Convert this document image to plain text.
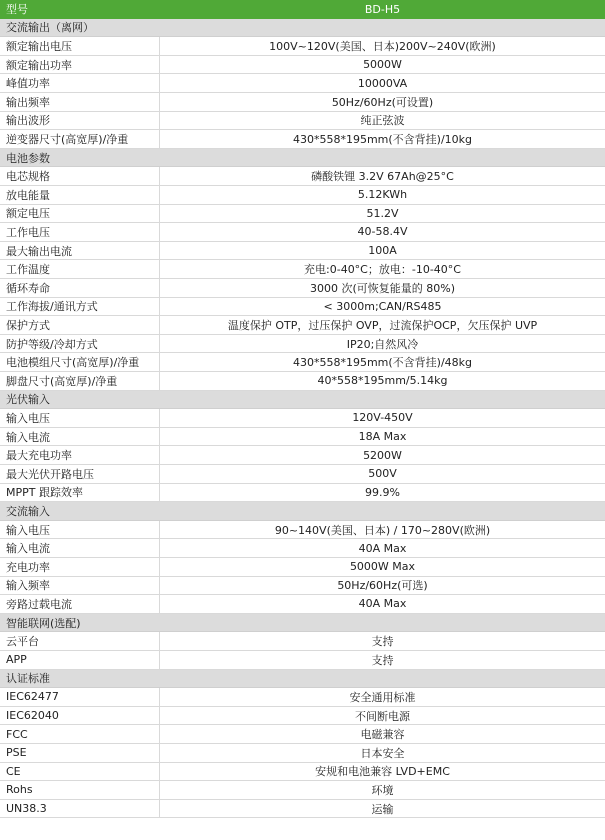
型号	BD-H5
交流输出（离网）
额定输出电压	100V~120V(美国、日本)200V~240V(欧洲)
额定输出功率	5000W
峰值功率	10000VA
输出频率	50Hz/60Hz(可设置)
输出波形	纯正弦波
逆变器尺寸(高宽厚)/净重	430*558*195mm(不含背挂)/10kg
电池参数
电芯规格	磷酸铁锂 3.2V 67Ah@25°C
放电能量	5.12KWh
额定电压	51.2V
工作电压	40-58.4V
最大输出电流	100A
工作温度	充电:0-40°C；放电：-10-40°C
循环寿命	3000 次(可恢复能量的 80%)
工作海拔/通讯方式	< 3000m;CAN/RS485
保护方式	温度保护 OTP，过压保护 OVP，过流保护OCP，欠压保护 UVP
防护等级/冷却方式	IP20;自然风冷
电池模组尺寸(高宽厚)/净重	430*558*195mm(不含背挂)/48kg
脚盘尺寸(高宽厚)/净重	40*558*195mm/5.14kg
光伏输入
输入电压	120V-450V
输入电流	18A Max
最大充电功率	5200W
最大光伏开路电压	500V
MPPT 跟踪效率	99.9%
交流输入
输入电压	90~140V(美国、日本) / 170~280V(欧洲)
输入电流	40A Max
充电功率	5000W Max
输入频率	50Hz/60Hz(可选)
旁路过载电流	40A Max
智能联网(选配)
云平台	支持
APP	支持
认证标准
IEC62477	安全通用标准
IEC62040	不间断电源
FCC	电磁兼容
PSE	日本安全
CE	安规和电池兼容 LVD+EMC
Rohs	环境
UN38.3	运输
